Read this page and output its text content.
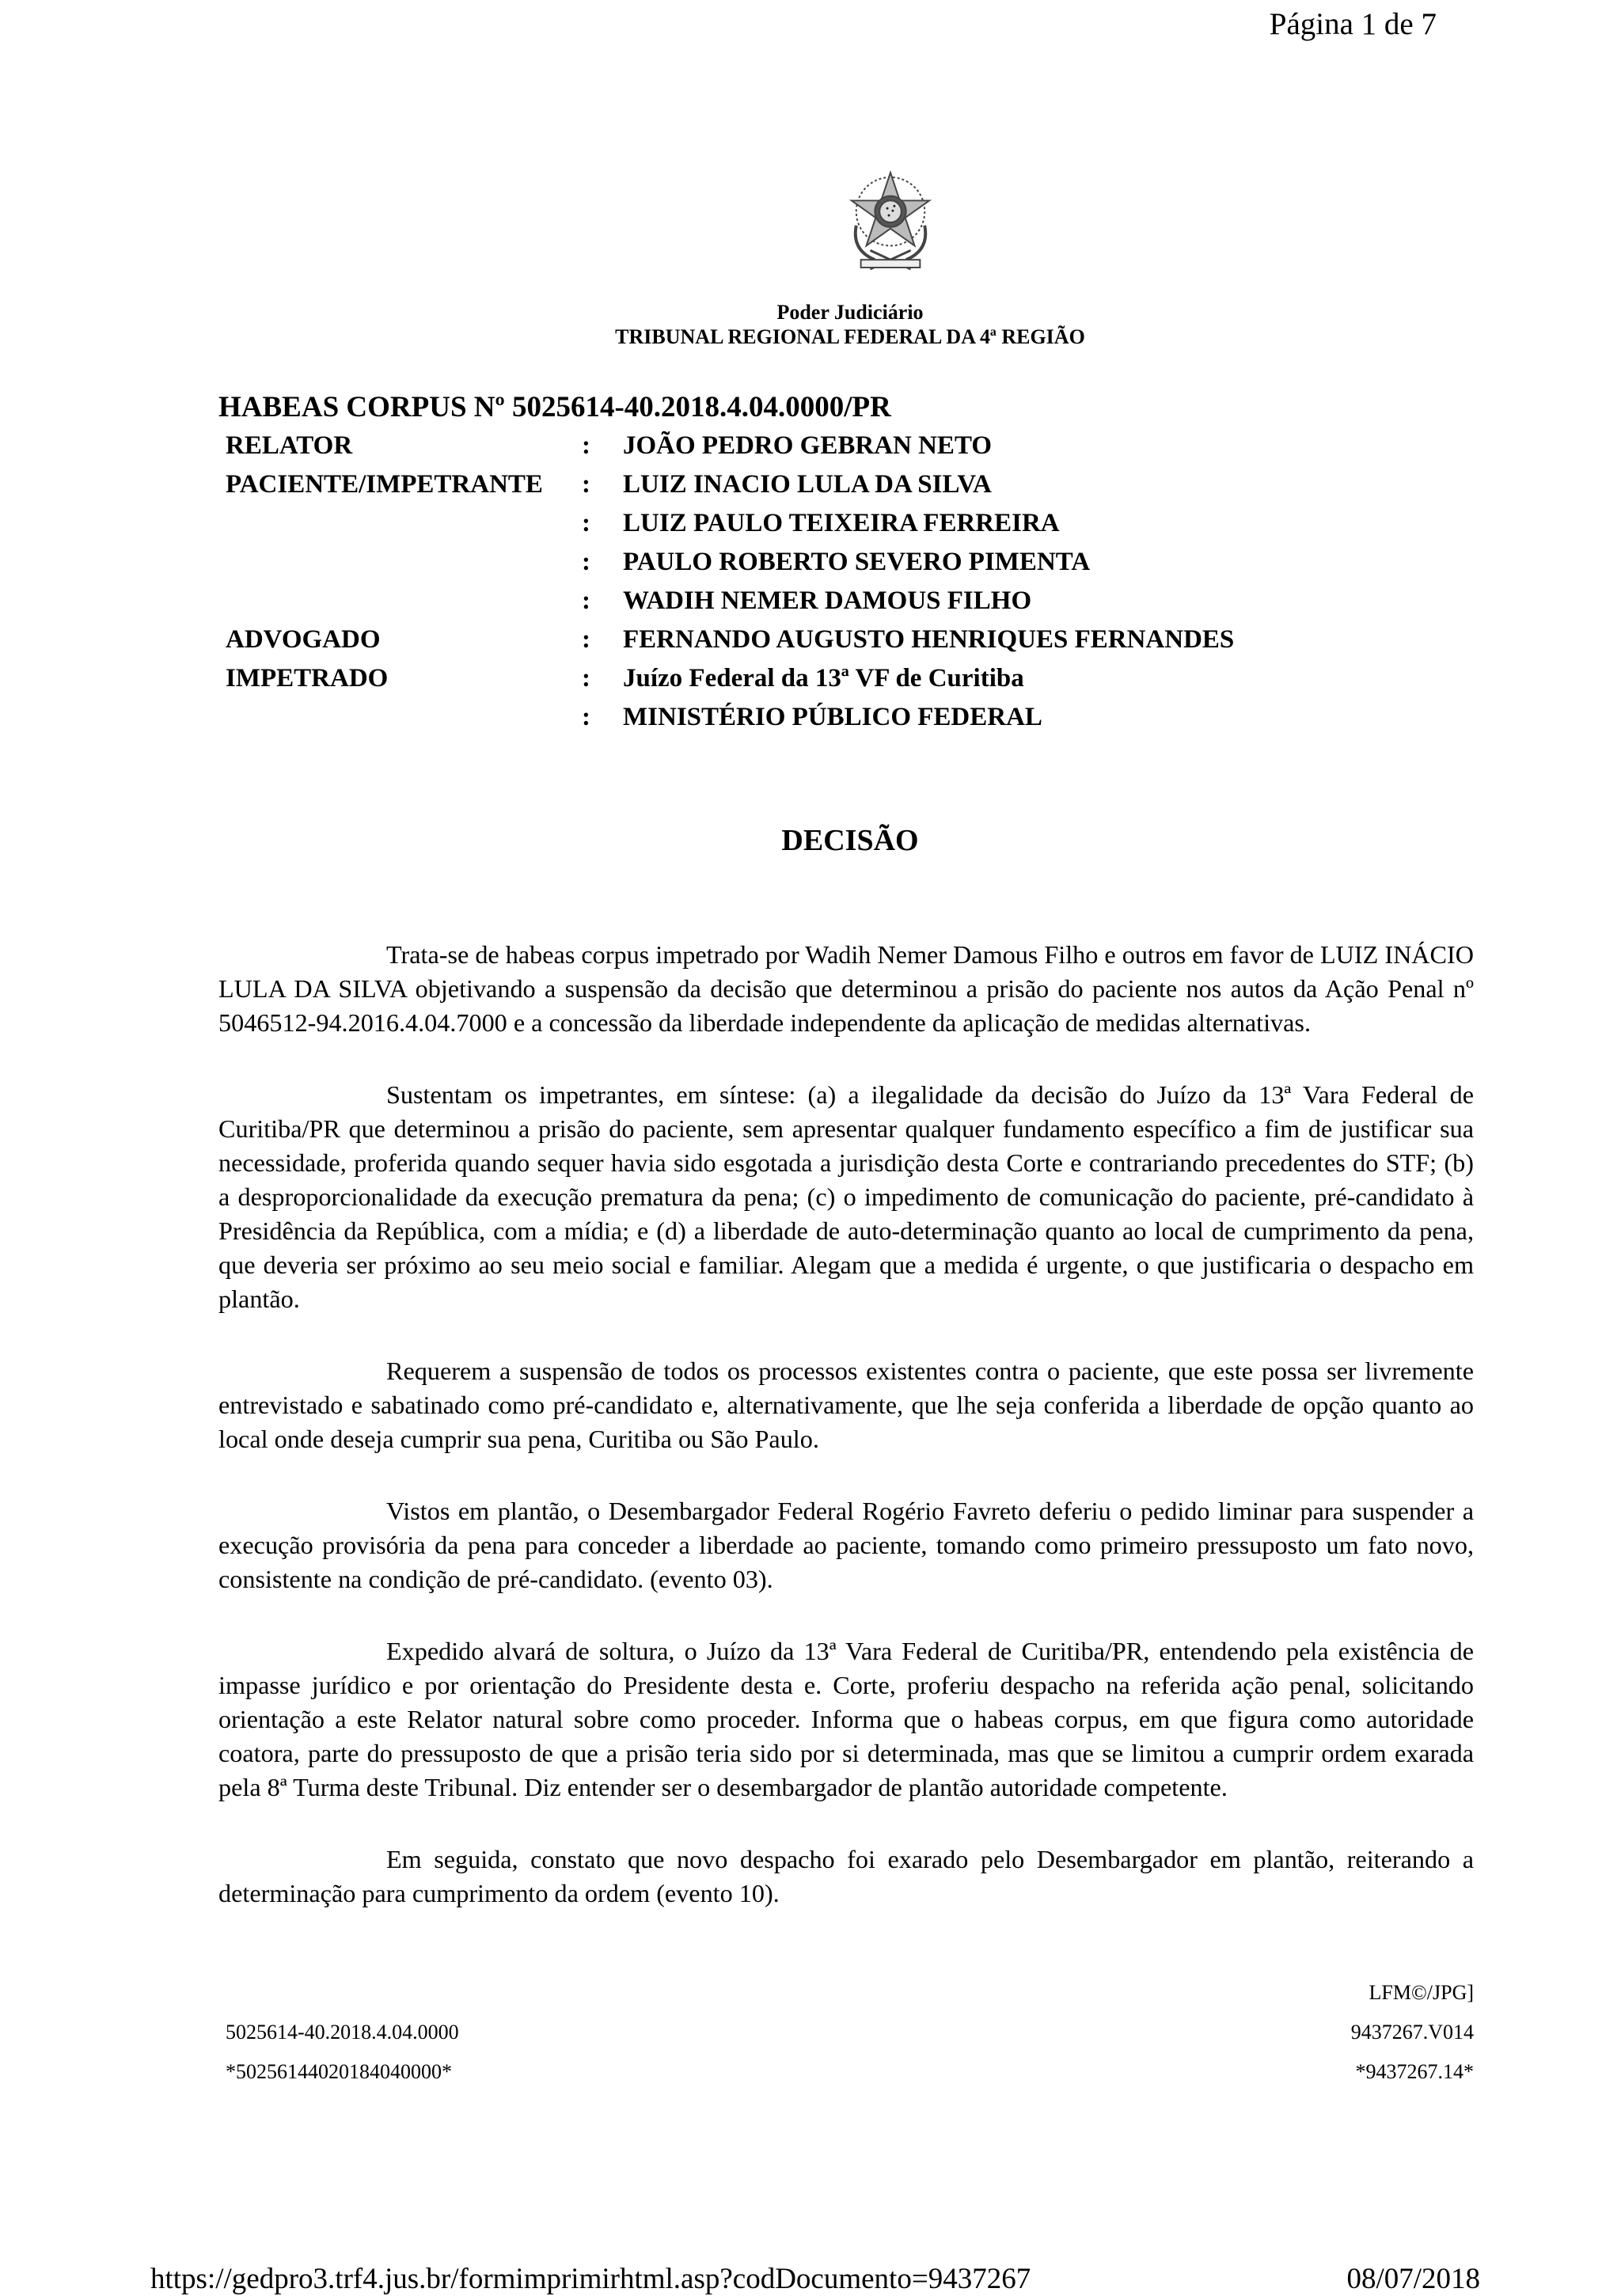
Página 1 de 7
Poder Judiciário
TRIBUNAL REGIONAL FEDERAL DA 4ª REGIÃO
HABEAS CORPUS Nº 5025614-40.2018.4.04.0000/PR
RELATOR	: JOÃO PEDRO GEBRAN NETO
PACIENTE/IMPETRANTE : LUIZ INACIO LULA DA SILVA
: LUIZ PAULO TEIXEIRA FERREIRA
: PAULO ROBERTO SEVERO PIMENTA
: WADIH NEMER DAMOUS FILHO
ADVOGADO	: FERNANDO AUGUSTO HENRIQUES FERNANDES
IMPETRADO	: Juízo Federal da 13ª VF de Curitiba
: MINISTÉRIO PÚBLICO FEDERAL
DECISÃO

Trata-se de habeas corpus impetrado por Wadih Nemer Damous Filho e outros em favor de LUIZ INÁCIO LULA DA SILVA objetivando a suspensão da decisão que determinou a prisão do paciente nos autos da Ação Penal nº 5046512-94.2016.4.04.7000 e a concessão da liberdade independente da aplicação de medidas alternativas.

Sustentam os impetrantes, em síntese: (a) a ilegalidade da decisão do Juízo da 13ª Vara Federal de Curitiba/PR que determinou a prisão do paciente, sem apresentar qualquer fundamento específico a fim de justificar sua necessidade, proferida quando sequer havia sido esgotada a jurisdição desta Corte e contrariando precedentes do STF; (b) a desproporcionalidade da execução prematura da pena; (c) o impedimento de comunicação do paciente, pré-candidato à Presidência da República, com a mídia; e (d) a liberdade de auto-determinação quanto ao local de cumprimento da pena, que deveria ser próximo ao seu meio social e familiar. Alegam que a medida é urgente, o que justificaria o despacho em plantão.

Requerem a suspensão de todos os processos existentes contra o paciente, que este possa ser livremente entrevistado e sabatinado como pré-candidato e, alternativamente, que lhe seja conferida a liberdade de opção quanto ao local onde deseja cumprir sua pena, Curitiba ou São Paulo.

Vistos em plantão, o Desembargador Federal Rogério Favreto deferiu o pedido liminar para suspender a execução provisória da pena para conceder a liberdade ao paciente, tomando como primeiro pressuposto um fato novo, consistente na condição de pré-candidato. (evento 03).

Expedido alvará de soltura, o Juízo da 13ª Vara Federal de Curitiba/PR, entendendo pela existência de impasse jurídico e por orientação do Presidente desta e. Corte, proferiu despacho na referida ação penal, solicitando orientação a este Relator natural sobre como proceder. Informa que o habeas corpus, em que figura como autoridade coatora, parte do pressuposto de que a prisão teria sido por si determinada, mas que se limitou a cumprir ordem exarada pela 8ª Turma deste Tribunal. Diz entender ser o desembargador de plantão autoridade competente.

Em seguida, constato que novo despacho foi exarado pelo Desembargador em plantão, reiterando a determinação para cumprimento da ordem (evento 10).

LFM©/JPG]
5025614-40.2018.4.04.0000	9437267.V014
*50256144020184040000*	*9437267.14*
https://gedpro3.trf4.jus.br/formimprimirhtml.asp?codDocumento=9437267	08/07/2018
